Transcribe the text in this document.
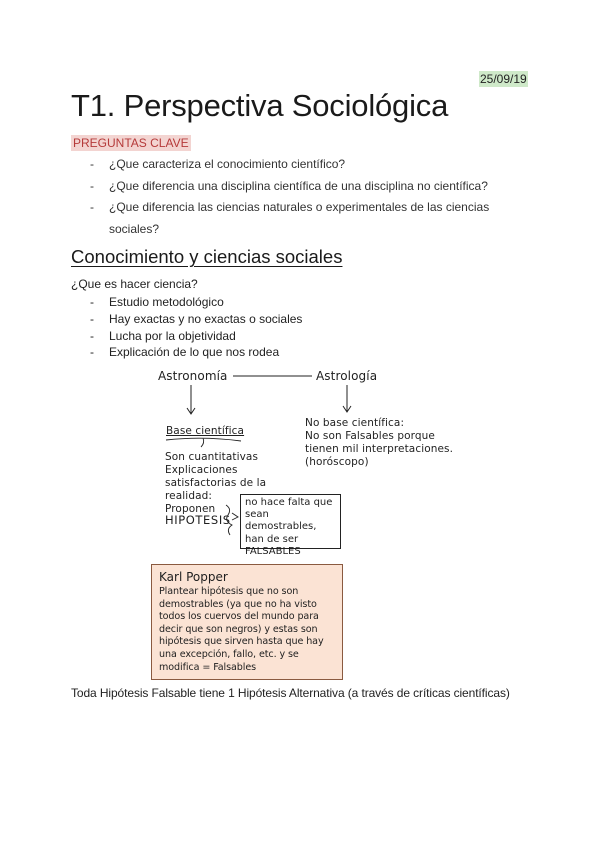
25/09/19
T1. Perspectiva Sociológica
PREGUNTAS CLAVE
- ¿Que caracteriza el conocimiento científico?
- ¿Que diferencia una disciplina científica de una disciplina no científica?
- ¿Que diferencia las ciencias naturales o experimentales de las ciencias sociales?
Conocimiento y ciencias sociales
¿Que es hacer ciencia?
- Estudio metodológico
- Hay exactas y no exactas o sociales
- Lucha por la objetividad
- Explicación de lo que nos rodea
Astronomía	Astrología
Base científica
Son cuantitativas
Explicaciones
satisfactorias de la
realidad:
Proponen
HIPOTESIS
No base científica:
No son Falsables porque
tienen mil interpretaciones.
(horóscopo)
no hace falta que
sean demostrables,
han de ser
FALSABLES
Karl Popper
Plantear hipótesis que no son
demostrables (ya que no ha visto
todos los cuervos del mundo para
decir que son negros) y estas son
hipótesis que sirven hasta que hay
una excepción, fallo, etc. y se
modifica = Falsables
Toda Hipótesis Falsable tiene 1 Hipótesis Alternativa (a través de críticas científicas)
